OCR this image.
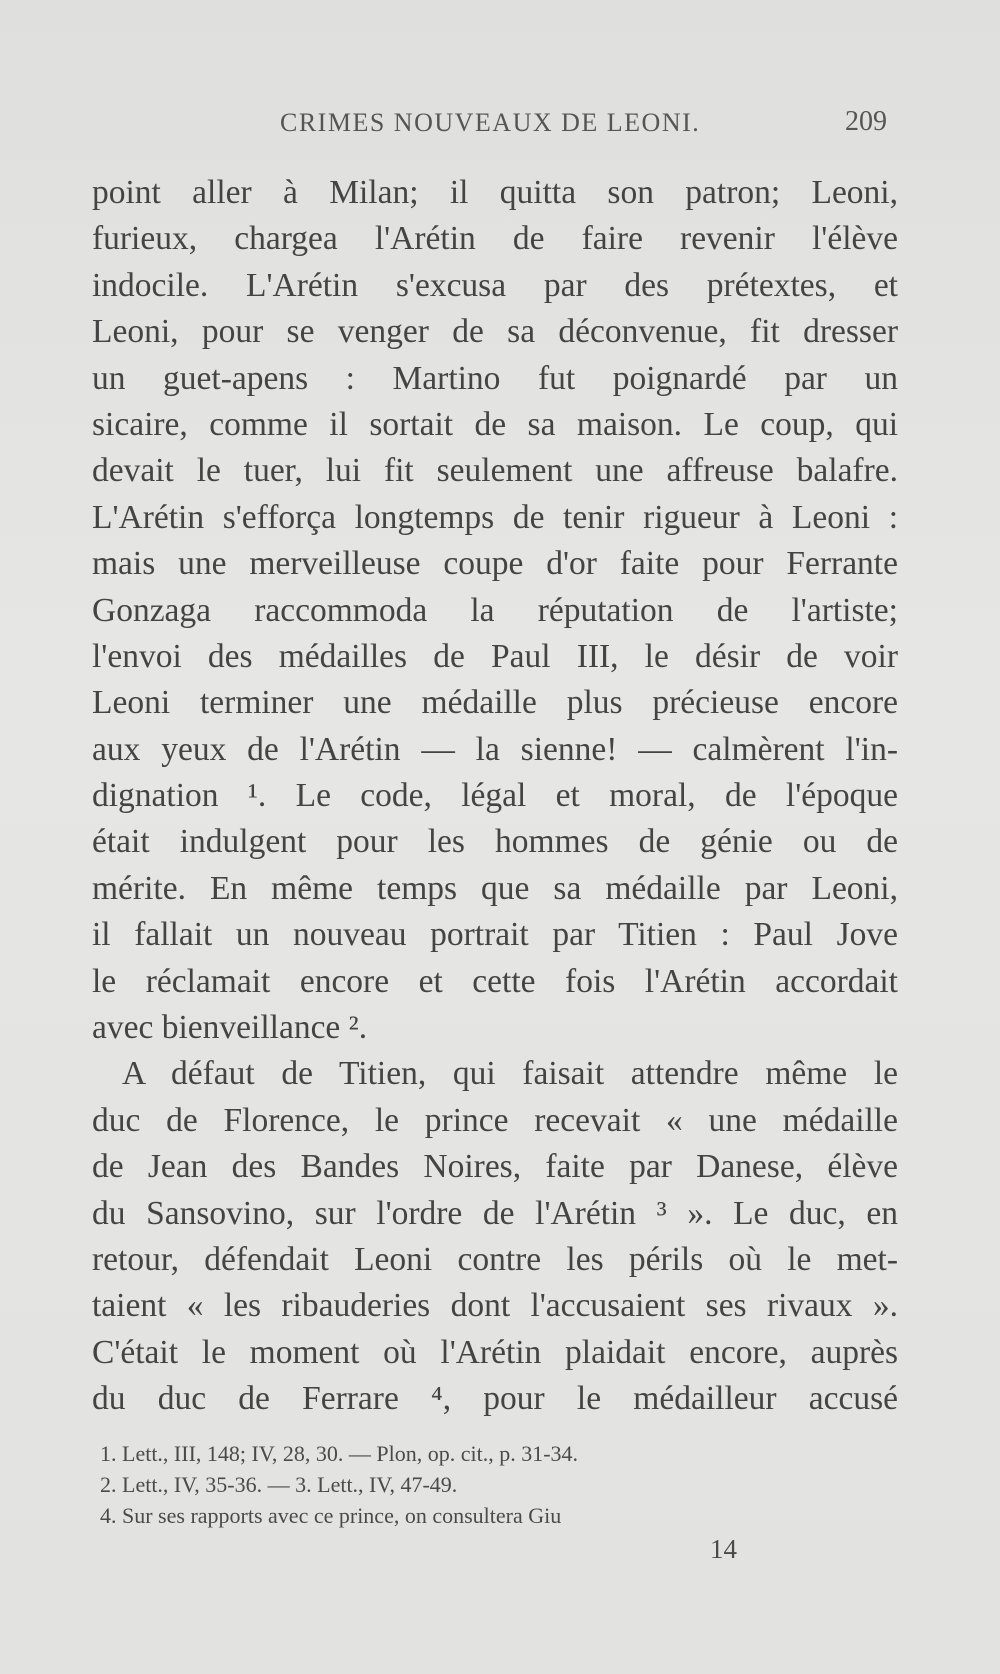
CRIMES NOUVEAUX DE LEONI.	209
point aller à Milan; il quitta son patron; Leoni,
furieux, chargea l'Arétin de faire revenir l'élève
indocile. L'Arétin s'excusa par des prétextes, et
Leoni, pour se venger de sa déconvenue, fit dresser
un guet-apens : Martino fut poignardé par un
sicaire, comme il sortait de sa maison. Le coup, qui
devait le tuer, lui fit seulement une affreuse balafre.
L'Arétin s'efforça longtemps de tenir rigueur à Leoni :
mais une merveilleuse coupe d'or faite pour Ferrante
Gonzaga raccommoda la réputation de l'artiste;
l'envoi des médailles de Paul III, le désir de voir
Leoni terminer une médaille plus précieuse encore
aux yeux de l'Arétin — la sienne! — calmèrent l'in-
dignation ¹. Le code, légal et moral, de l'époque
était indulgent pour les hommes de génie ou de
mérite. En même temps que sa médaille par Leoni,
il fallait un nouveau portrait par Titien : Paul Jove
le réclamait encore et cette fois l'Arétin accordait
avec bienveillance ².
A défaut de Titien, qui faisait attendre même le
duc de Florence, le prince recevait « une médaille
de Jean des Bandes Noires, faite par Danese, élève
du Sansovino, sur l'ordre de l'Arétin ³ ». Le duc, en
retour, défendait Leoni contre les périls où le met-
taient « les ribauderies dont l'accusaient ses rivaux ».
C'était le moment où l'Arétin plaidait encore, auprès
du duc de Ferrare ⁴, pour le médailleur accusé
1. Lett., III, 148; IV, 28, 30. — Plon, op. cit., p. 31-34.
2. Lett., IV, 35-36. — 3. Lett., IV, 47-49.
4. Sur ses rapports avec ce prince, on consultera Giu
14
